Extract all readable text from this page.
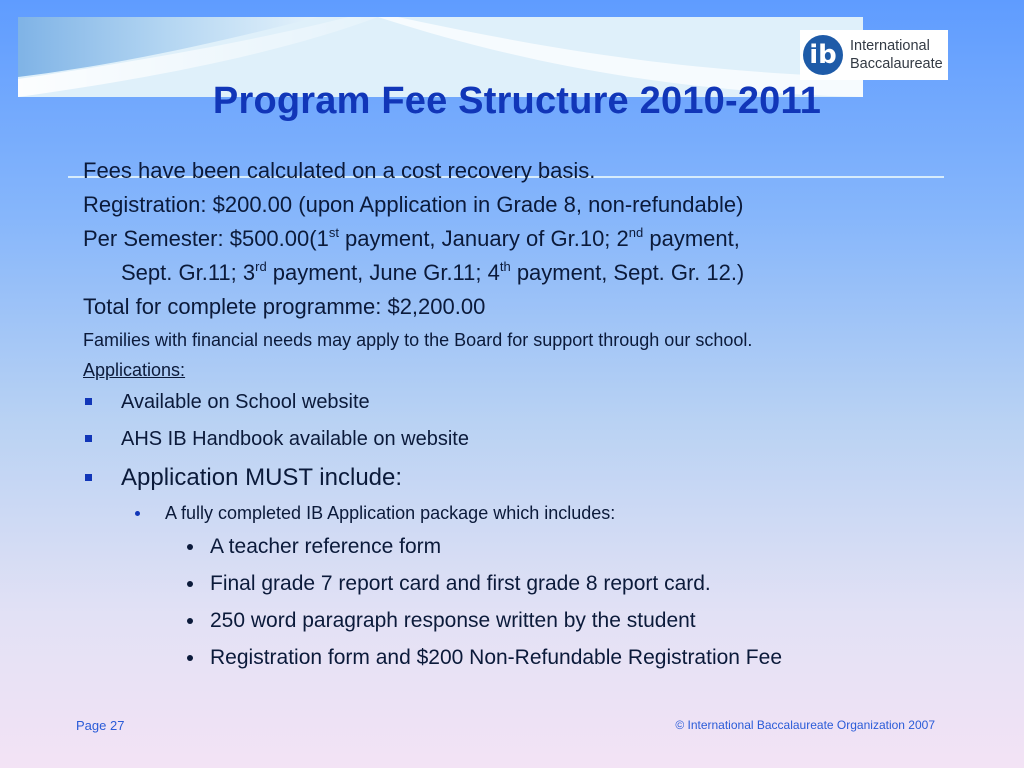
ib International
Baccalaureate
Program Fee Structure 2010-2011

Fees have been calculated on a cost recovery basis.

Registration: $200.00 (upon Application in Grade 8, non-refundable)

Per Semester: $500.00(1st payment, January of Gr.10; 2nd payment,
Sept. Gr.11; 3rd payment, June Gr.11; 4th payment, Sept. Gr. 12.)

Total for complete programme: $2,200.00

Families with financial needs may apply to the Board for support through our school.

Applications:

Available on School website
AHS IB Handbook available on website
Application MUST include:
A fully completed IB Application package which includes:
A teacher reference form
Final grade 7 report card and first grade 8 report card.
250 word paragraph response written by the student
Registration form and $200 Non-Refundable Registration Fee
Page 27	© International Baccalaureate Organization 2007
